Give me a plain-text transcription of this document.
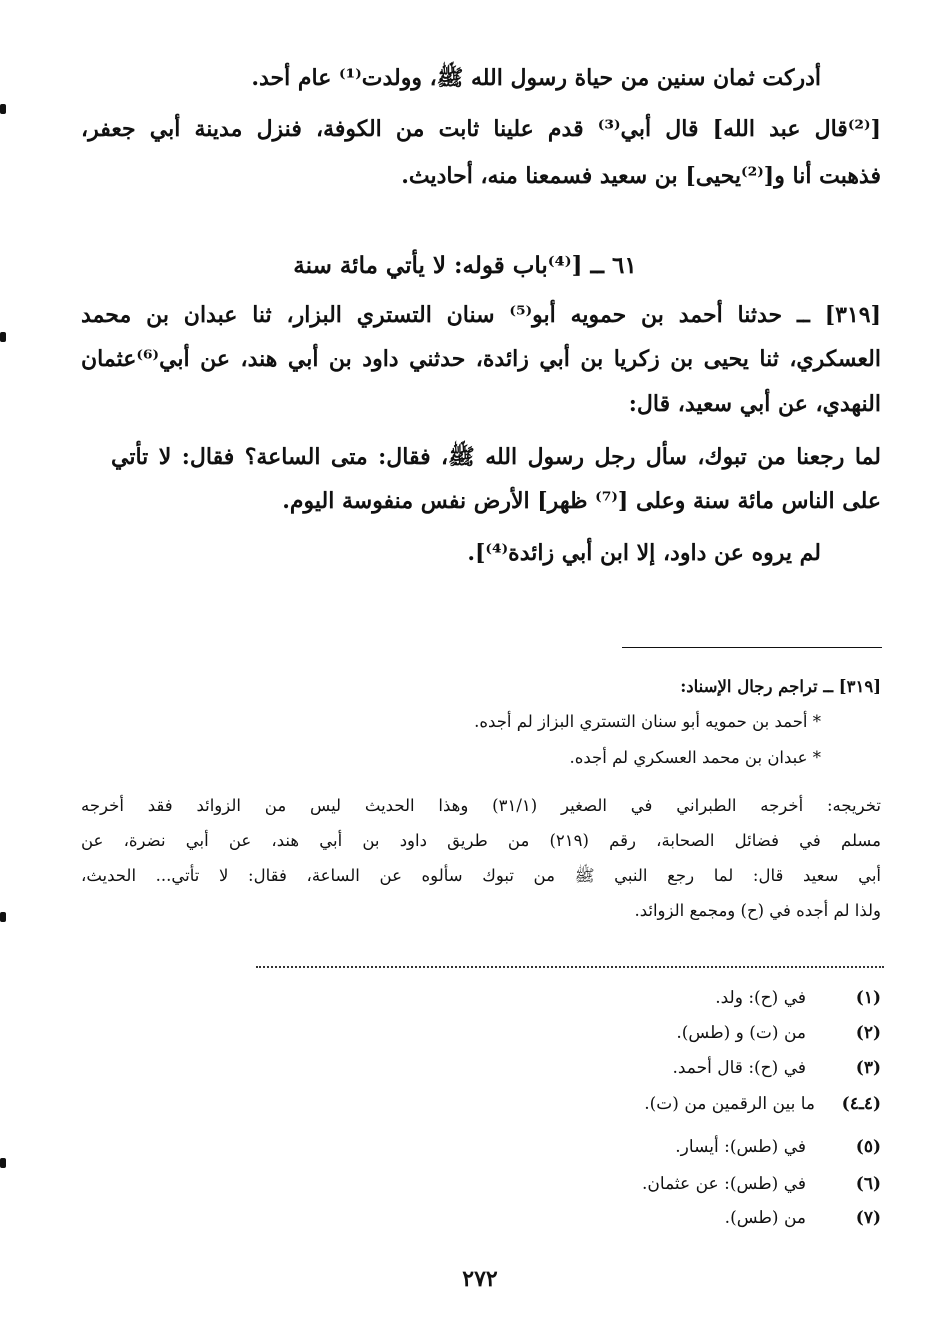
أدركت ثمان سنين من حياة رسول الله ﷺ، وولدت⁽¹⁾ عام أحد.
[⁽²⁾قال عبد الله] قال أبي⁽³⁾ قدم علينا ثابت من الكوفة، فنزل مدينة أبي جعفر،
فذهبت أنا و[⁽²⁾يحيى] بن سعيد فسمعنا منه، أحاديث.
٦١ ــ [⁽⁴⁾باب قوله: لا يأتي مائة سنة
[٣١٩] ــ حدثنا أحمد بن حمويه أبو⁽⁵⁾ سنان التستري البزار، ثنا عبدان بن محمد
العسكري، ثنا يحيى بن زكريا بن أبي زائدة، حدثني داود بن أبي هند، عن أبي⁽⁶⁾عثمان
النهدي، عن أبي سعيد، قال:
لما رجعنا من تبوك، سأل رجل رسول الله ﷺ، فقال: متى الساعة؟ فقال: لا تأتي
على الناس مائة سنة وعلى [⁽⁷⁾ ظهر] الأرض نفس منفوسة اليوم.
لم يروه عن داود، إلا ابن أبي زائدة⁽⁴⁾].
[٣١٩] ــ تراجم رجال الإسناد:
* أحمد بن حمويه أبو سنان التستري البزاز لم أجده.
* عبدان بن محمد العسكري لم أجده.
تخريجه: أخرجه الطبراني في الصغير (٣١/١) وهذا الحديث ليس من الزوائد فقد أخرجه
مسلم في فضائل الصحابة، رقم (٢١٩) من طريق داود بن أبي هند، عن أبي نضرة، عن
أبي سعيد قال: لما رجع النبي ﷺ من تبوك سألوه عن الساعة، فقال: لا تأتي... الحديث،
ولذا لم أجده في (ح) ومجمع الزوائد.
(١)
في (ح): ولد.
(٢)
من (ت) و (طس).
(٣)
في (ح): قال أحمد.
(٤ـ٤)
ما بين الرقمين من (ت).
(٥)
في (طس): أيسار.
(٦)
في (طس): عن عثمان.
(٧)
من (طس).
٢٧٢
